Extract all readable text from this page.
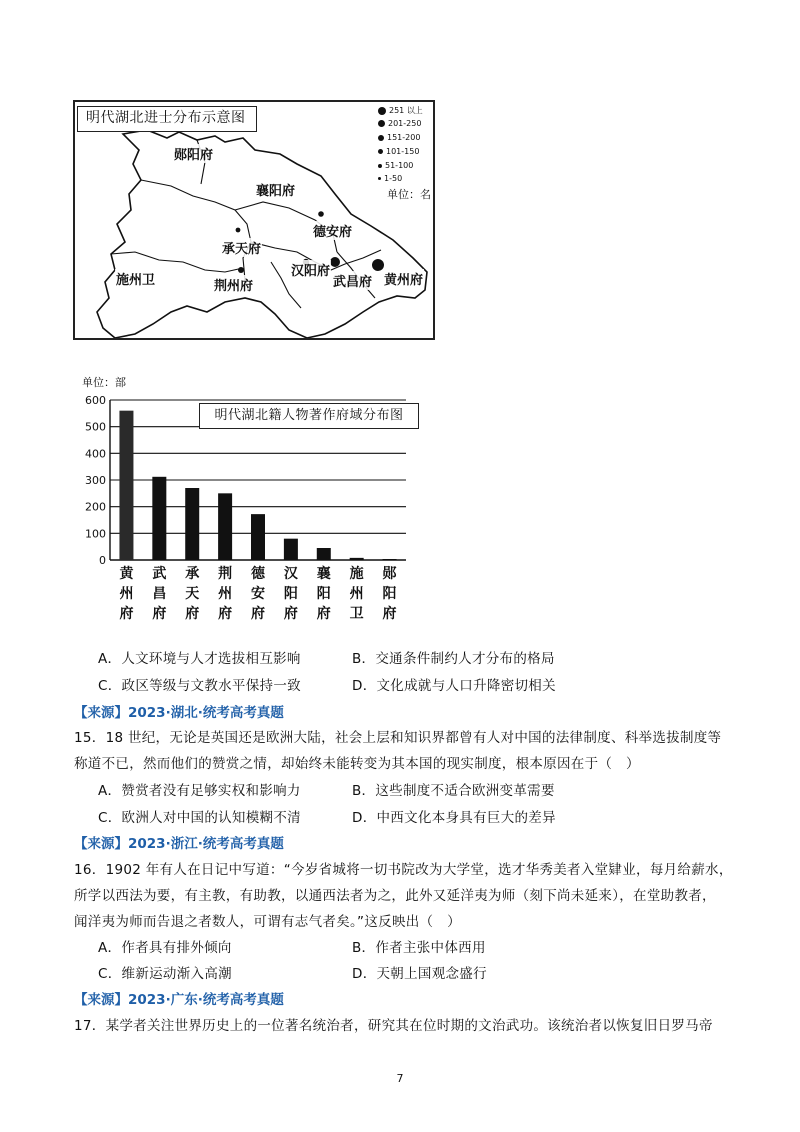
明代湖北进士分布示意图
郧阳府
襄阳府
德安府
承天府
汉阳府
武昌府 黄州府
施州卫	荆州府
251 以上
201-250
151-200
101-150
51-100
1-50
单位：名
单位：部
0
100
200
300
400
500
600
黄
州
府
武
昌
府
承
天
府
荆
州
府
德
安
府
汉
阳
府
襄
阳
府
施
州
卫
郧
阳
府
明代湖北籍人物著作府域分布图
A．人文环境与人才选拔相互影响	B．交通条件制约人才分布的格局
C．政区等级与文教水平保持一致	D．文化成就与人口升降密切相关
【来源】2023·湖北·统考高考真题
15．18 世纪，无论是英国还是欧洲大陆，社会上层和知识界都曾有人对中国的法律制度、科举选拔制度等
称道不已，然而他们的赞赏之情，却始终未能转变为其本国的现实制度，根本原因在于（　）
A．赞赏者没有足够实权和影响力	B．这些制度不适合欧洲变革需要
C．欧洲人对中国的认知模糊不清	D．中西文化本身具有巨大的差异
【来源】2023·浙江·统考高考真题
16．1902 年有人在日记中写道：“今岁省城将一切书院改为大学堂，选才华秀美者入堂肄业，每月给薪水，
所学以西法为要，有主教，有助教，以通西法者为之，此外又延洋夷为师（刻下尚未延来），在堂助教者，
闻洋夷为师而告退之者数人，可谓有志气者矣。”这反映出（　）
A．作者具有排外倾向	B．作者主张中体西用
C．维新运动渐入高潮	D．天朝上国观念盛行
【来源】2023·广东·统考高考真题
17．某学者关注世界历史上的一位著名统治者，研究其在位时期的文治武功。该统治者以恢复旧日罗马帝
7
